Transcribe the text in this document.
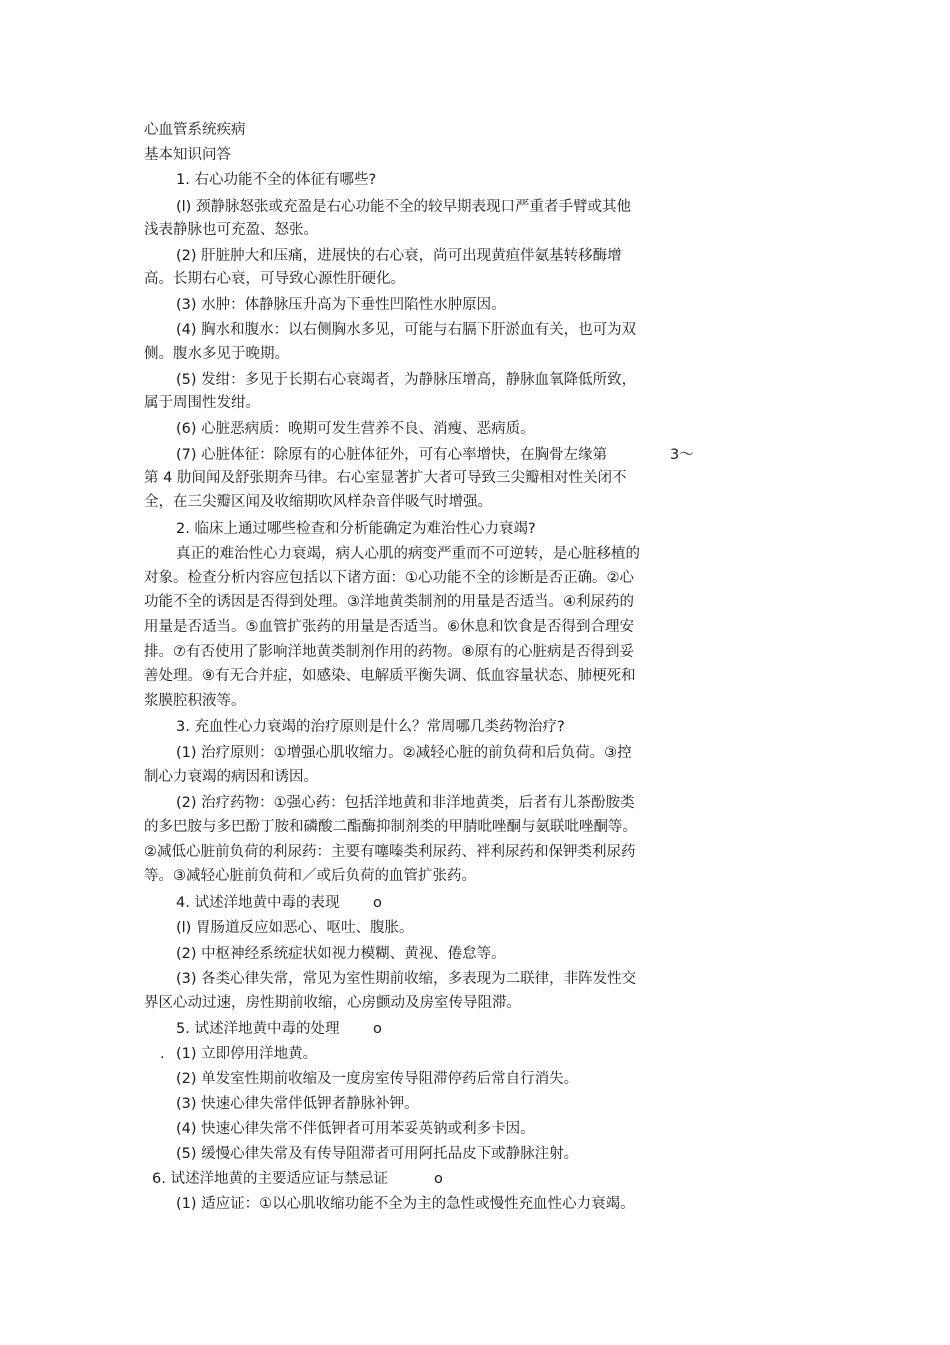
心血管系统疾病
基本知识问答
1. 右心功能不全的体征有哪些?
(l) 颈静脉怒张或充盈是右心功能不全的较早期表现口严重者手臂或其他
浅表静脉也可充盈、怒张。
(2) 肝脏肿大和压痛，进展快的右心衰，尚可出现黄疸伴氨基转移酶增
高。长期右心衰，可导致心源性肝硬化。
(3) 水肿：体静脉压升高为下垂性凹陷性水肿原因。
(4) 胸水和腹水：以右侧胸水多见，可能与右膈下肝淤血有关，也可为双
侧。腹水多见于晚期。
(5) 发绀：多见于长期右心衰竭者，为静脉压增高，静脉血氧降低所致，
属于周围性发绀。
(6) 心脏恶病质：晚期可发生营养不良、消瘦、恶病质。
(7) 心脏体征：除原有的心脏体征外，可有心率增快，在胸骨左缘第	3～
第 4 肋间闻及舒张期奔马律。右心室显著扩大者可导致三尖瓣相对性关闭不
全，在三尖瓣区闻及收缩期吹风样杂音伴吸气时增强。
2. 临床上通过哪些检查和分析能确定为难治性心力衰竭?
真正的难治性心力衰竭，病人心肌的病变严重而不可逆转，是心脏移植的
对象。检查分析内容应包括以下诸方面：①心功能不全的诊断是否正确。②心
功能不全的诱因是否得到处理。③洋地黄类制剂的用量是否适当。④利尿药的
用量是否适当。⑤血管扩张药的用量是否适当。⑥休息和饮食是否得到合理安
排。⑦有否使用了影响洋地黄类制剂作用的药物。⑧原有的心脏病是否得到妥
善处理。⑨有无合并症，如感染、电解质平衡失调、低血容量状态、肺梗死和
浆膜腔积液等。
3. 充血性心力衰竭的治疗原则是什么？常周哪几类药物治疗?
(1) 治疗原则：①增强心肌收缩力。②减轻心脏的前负荷和后负荷。③控
制心力衰竭的病因和诱因。
(2) 治疗药物：①强心药：包括洋地黄和非洋地黄类，后者有儿茶酚胺类
的多巴胺与多巴酚丁胺和磷酸二酯酶抑制剂类的甲腈吡唑酮与氨联吡唑酮等。
②减低心脏前负荷的利尿药：主要有噻嗪类利尿药、袢利尿药和保钾类利尿药
等。③减轻心脏前负荷和／或后负荷的血管扩张药。
4. 试述洋地黄中毒的表现 o
(l) 胃肠道反应如恶心、呕吐、腹胀。
(2) 中枢神经系统症状如视力模糊、黄视、倦怠等。
(3) 各类心律失常，常见为室性期前收缩，多表现为二联律，非阵发性交
界区心动过速，房性期前收缩，心房颤动及房室传导阻滞。
5. 试述洋地黄中毒的处理 o
. (1) 立即停用洋地黄。
(2) 单发室性期前收缩及一度房室传导阻滞停药后常自行消失。
(3) 快速心律失常伴低钾者静脉补钾。
(4) 快速心律失常不伴低钾者可用苯妥英钠或利多卡因。
(5) 缓慢心律失常及有传导阻滞者可用阿托品皮下或静脉注射。
6. 试述洋地黄的主要适应证与禁忌证	o
(1) 适应证：①以心肌收缩功能不全为主的急性或慢性充血性心力衰竭。
